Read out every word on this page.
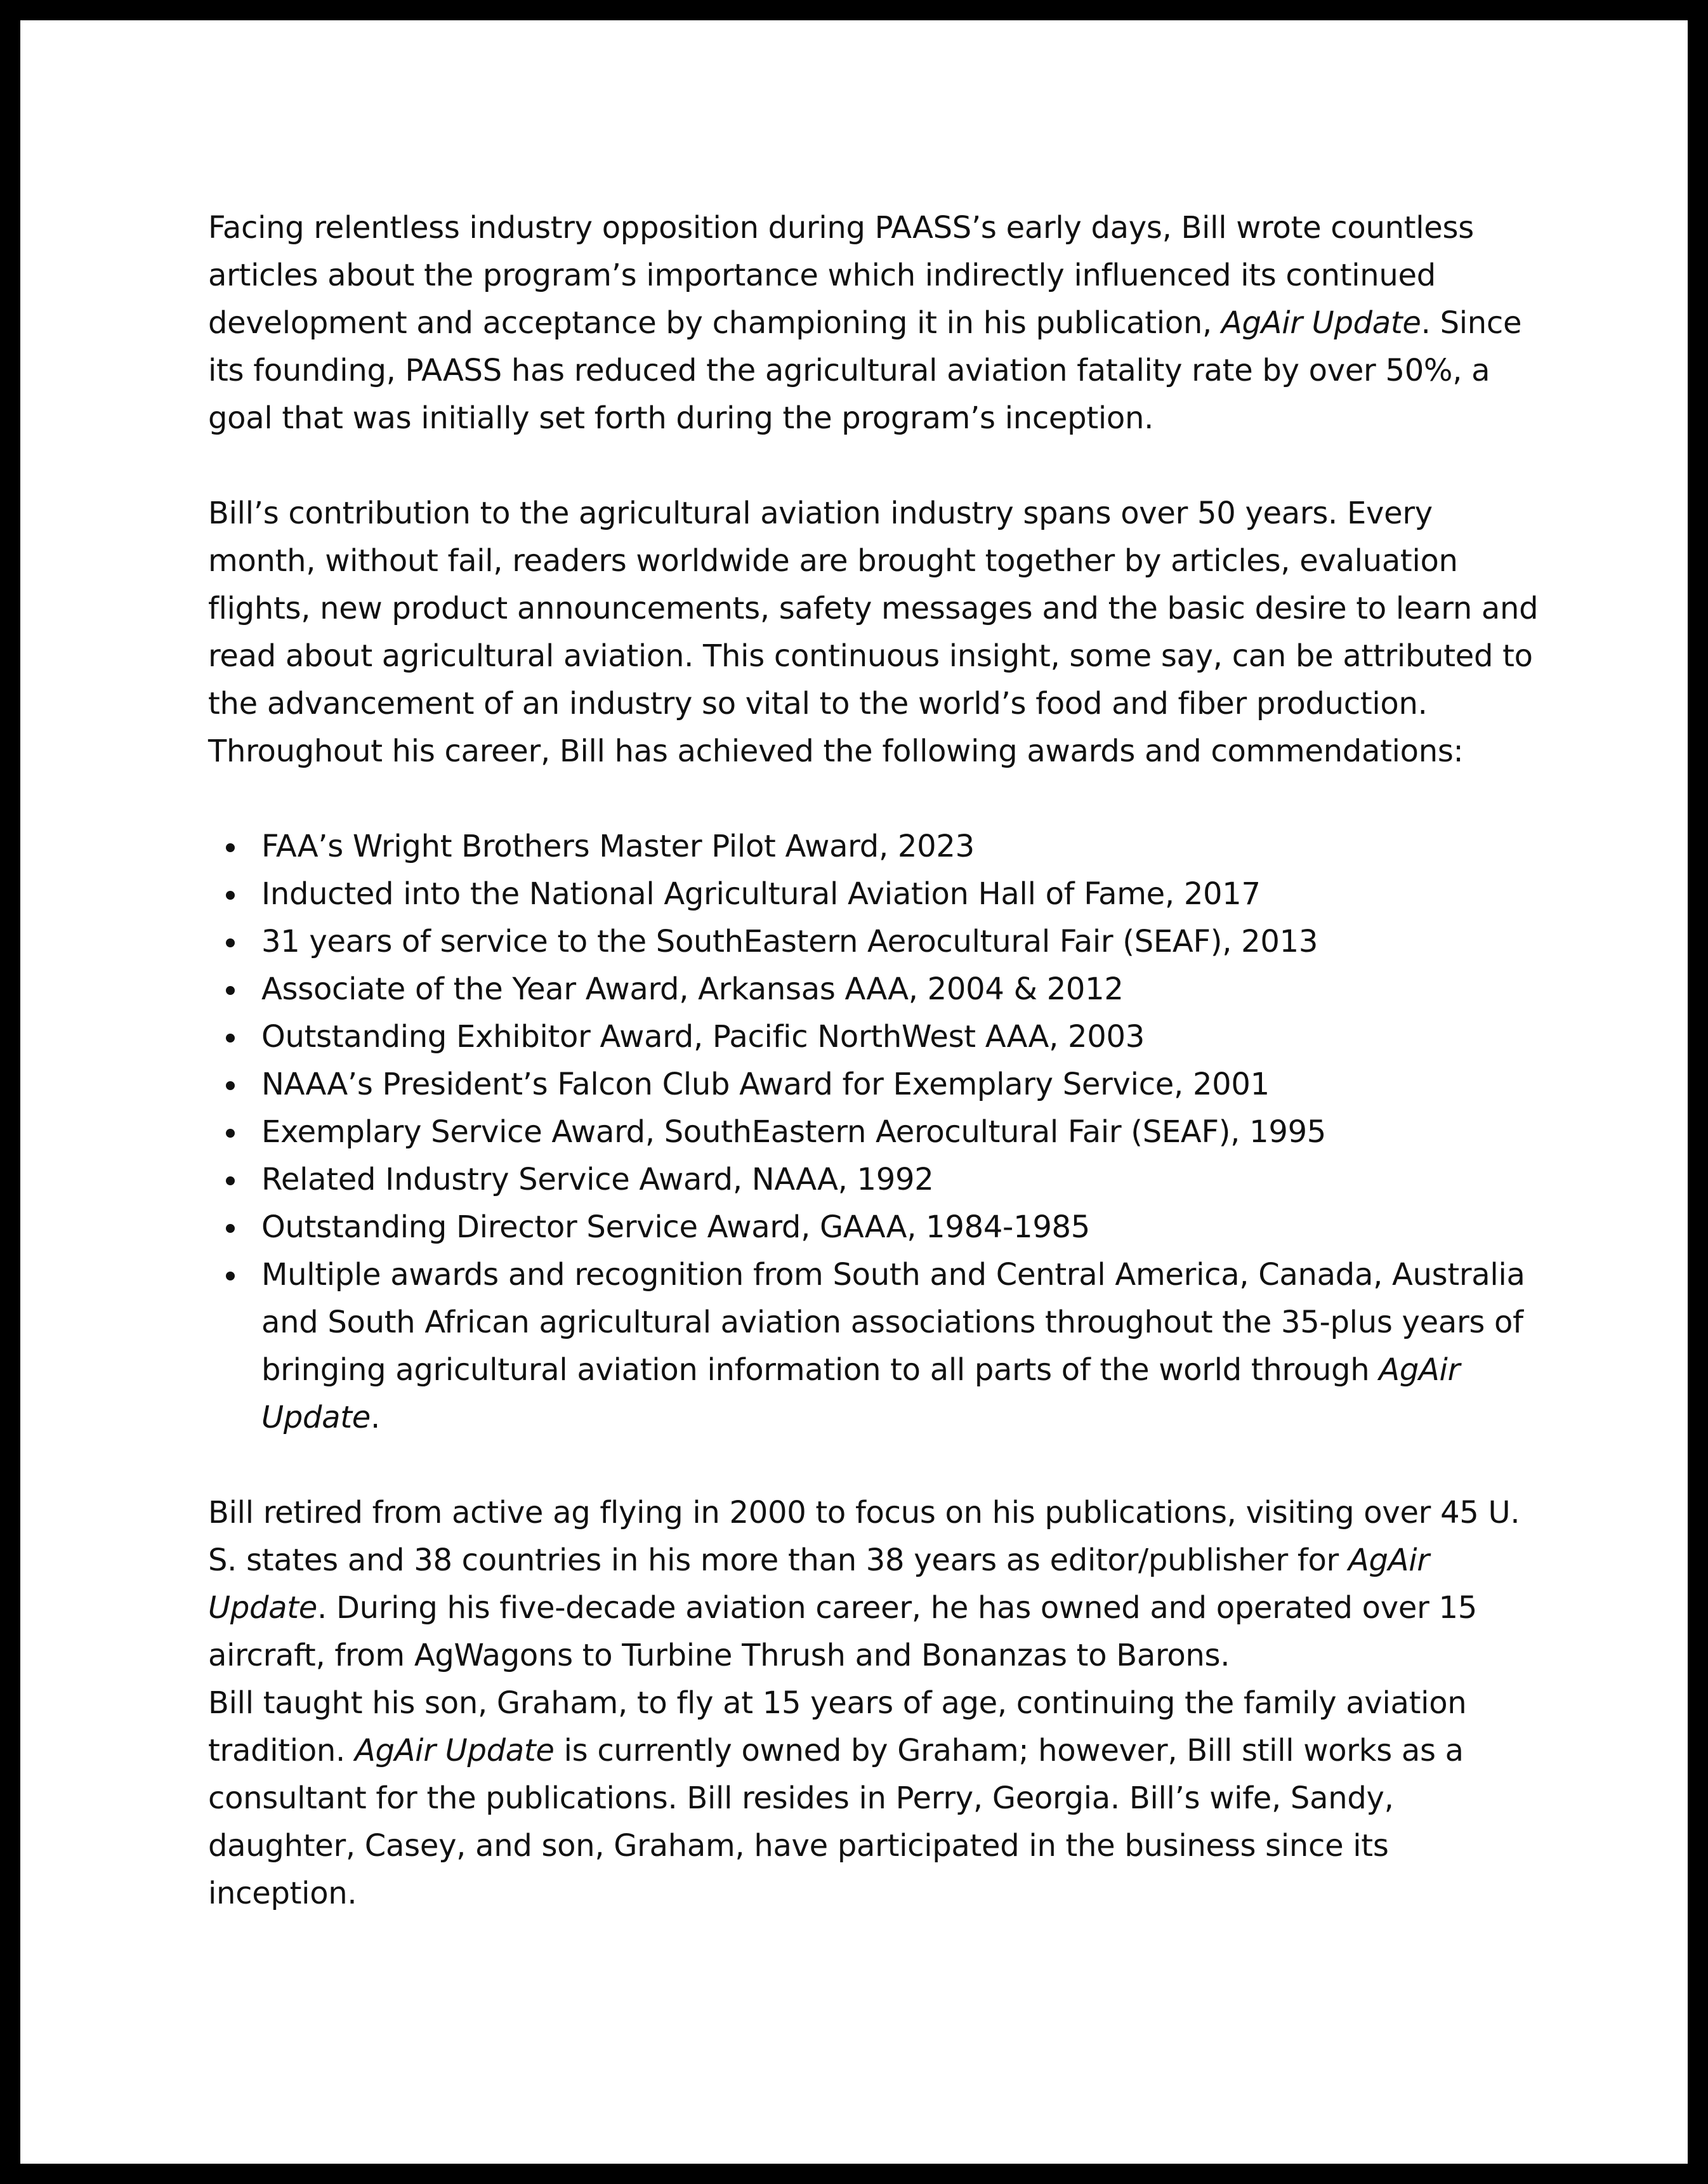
Facing relentless industry opposition during PAASS’s early days, Bill wrote countless articles about the program’s importance which indirectly influenced its continued development and acceptance by championing it in his publication, AgAir Update. Since its founding, PAASS has reduced the agricultural aviation fatality rate by over 50%, a goal that was initially set forth during the program’s inception.

Bill’s contribution to the agricultural aviation industry spans over 50 years. Every month, without fail, readers worldwide are brought together by articles, evaluation flights, new product announcements, safety messages and the basic desire to learn and read about agricultural aviation. This continuous insight, some say, can be attributed to the advancement of an industry so vital to the world’s food and fiber production. Throughout his career, Bill has achieved the following awards and commendations:

FAA’s Wright Brothers Master Pilot Award, 2023
Inducted into the National Agricultural Aviation Hall of Fame, 2017
31 years of service to the SouthEastern Aerocultural Fair (SEAF), 2013
Associate of the Year Award, Arkansas AAA, 2004 & 2012
Outstanding Exhibitor Award, Pacific NorthWest AAA, 2003
NAAA’s President’s Falcon Club Award for Exemplary Service, 2001
Exemplary Service Award, SouthEastern Aerocultural Fair (SEAF), 1995
Related Industry Service Award, NAAA, 1992
Outstanding Director Service Award, GAAA, 1984-1985
Multiple awards and recognition from South and Central America, Canada, Australia and South African agricultural aviation associations throughout the 35-plus years of bringing agricultural aviation information to all parts of the world through AgAir Update.

Bill retired from active ag flying in 2000 to focus on his publications, visiting over 45 U. S. states and 38 countries in his more than 38 years as editor/publisher for AgAir Update. During his five-decade aviation career, he has owned and operated over 15 aircraft, from AgWagons to Turbine Thrush and Bonanzas to Barons.

Bill taught his son, Graham, to fly at 15 years of age, continuing the family aviation tradition. AgAir Update is currently owned by Graham; however, Bill still works as a consultant for the publications. Bill resides in Perry, Georgia. Bill’s wife, Sandy, daughter, Casey, and son, Graham, have participated in the business since its inception.
